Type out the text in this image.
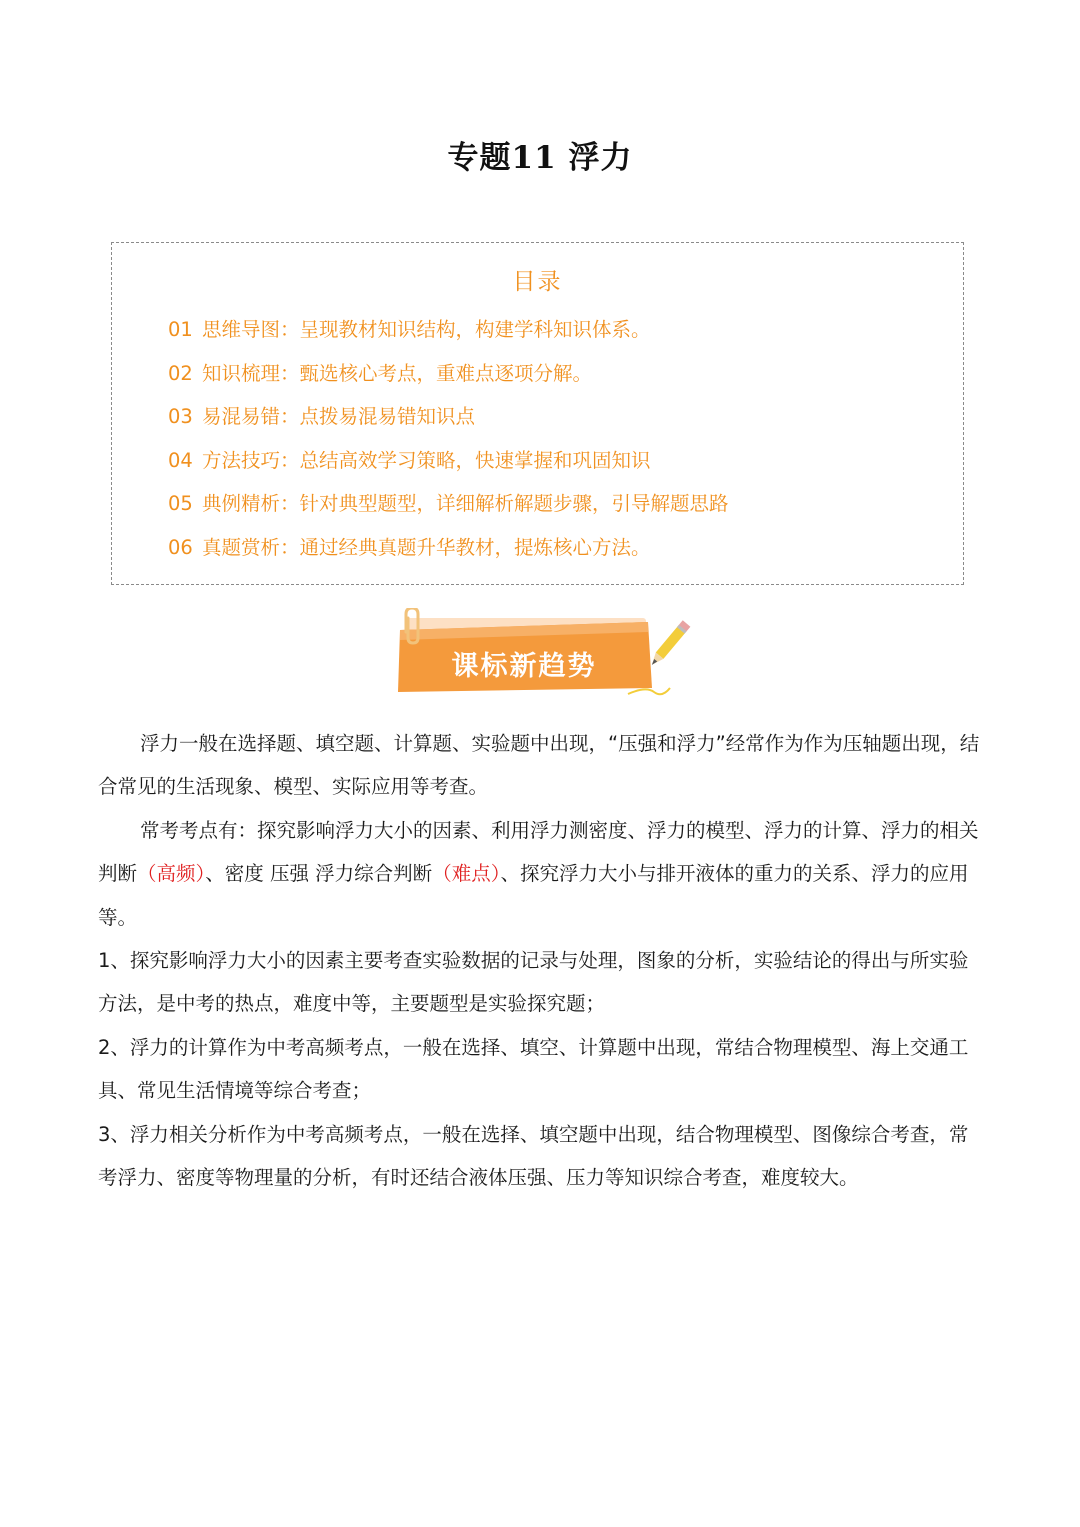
专题11 浮力
目录
01 思维导图：呈现教材知识结构，构建学科知识体系。
02 知识梳理：甄选核心考点，重难点逐项分解。
03 易混易错：点拨易混易错知识点
04 方法技巧：总结高效学习策略，快速掌握和巩固知识
05 典例精析：针对典型题型，详细解析解题步骤，引导解题思路
06 真题赏析：通过经典真题升华教材，提炼核心方法。
课标新趋势

浮力一般在选择题、填空题、计算题、实验题中出现，“压强和浮力”经常作为作为压轴题出现，结合常见的生活现象、模型、实际应用等考查。

常考考点有：探究影响浮力大小的因素、利用浮力测密度、浮力的模型、浮力的计算、浮力的相关判断（高频）、密度 压强 浮力综合判断（难点）、探究浮力大小与排开液体的重力的关系、浮力的应用等。

1、探究影响浮力大小的因素主要考查实验数据的记录与处理，图象的分析，实验结论的得出与所实验方法，是中考的热点，难度中等，主要题型是实验探究题；

2、浮力的计算作为中考高频考点，一般在选择、填空、计算题中出现，常结合物理模型、海上交通工具、常见生活情境等综合考查；

3、浮力相关分析作为中考高频考点，一般在选择、填空题中出现，结合物理模型、图像综合考查，常考浮力、密度等物理量的分析，有时还结合液体压强、压力等知识综合考查，难度较大。
